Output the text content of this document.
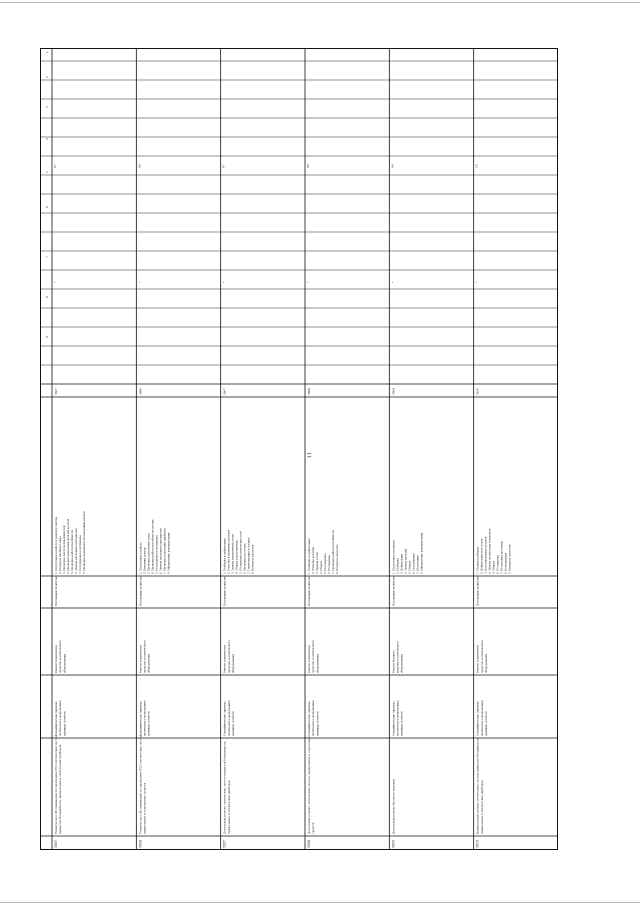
11
5807
Техническое обслуживание по программе ТО3 оптических систем прицелов боеприпасов, прицельных и оптических приборов
Специфические (приемы оптического вооружения) единицы (отчётов
Ремонт техническое средство и оптического оборудования
Поставщик хозяйство
1. Подготовка к работе и ремонту систем 2. Контроль внешнего вида 3. Проверка чистоты поверхностей 4. Проверка крепления деталей и узлов 5. Проверка работоспособности 6. Замена расходных материалов 7. Регулировка и юстировка 8. Проверка правильности показаний оптики
5807
07
•
5806
Техническое обслуживание по программе ТО3 оптических систем, прицельных и стрелковых средств
Специфические (приемы оптического вооружения) единицы (отчётов
Ремонт техническое средство и оптического оборудования
Поставщик хозяйство
1. Подготовка к работе 2. Внешний осмотр 3. Проверка крепления узлов 4. Проверка работоспособности систем 5. Регулировка и юстировка 6. Замена расходных материалов 7. Проверка показаний приборов 8. Оформление документации
5806
06
•
5807
Детальный ремонт оптических систем прицелов боеприпасов, прицельных и оптических приборов
Специфические (приемы оптического вооружения) единицы (отчётов
Ремонт техническое средство и оптического оборудования
Поставщик хозяйство
1. Разборка и дефектация 2. Очистка и промывка деталей 3. Замена изношенных узлов 4. Сборка и регулировка 5. Юстировка оптических осей 6. Проверка на стенде 7. Герметизация и осушка 8. Контроль качества
5807
07
•
5808
Детальный ремонт оптических систем, прицельных и стрелковых средств
Специфические (приемы оптического вооружения) единицы (отчётов
Ремонт техническое средство и оптического оборудования
Поставщик хозяйство
1. Разборка и дефектация 2. Очистка деталей 3. Замена узлов 4. Сборка 5. Регулировка 6. Юстировка 7. Проверка работоспособности 8. Контроль качества
5808
08
•
5809
Детальный ремонт базового изделия
Специфические (приемы оптического вооружения) единицы (отчётов
Ремонт базового изделия и оптического оборудования
Поставщик хозяйство
1. Подготовка к ремонту 2. Разборка 3. Дефектация 4. Замена деталей 5. Сборка 6. Регулировка 7. Испытания 8. Оформление документации
5809
09
•
5810
Капитальный ремонт оптических систем прицелов боеприпасов, прицельных и оптических приборов
Специфические (приемы оптического вооружения) единицы (отчётов
Ремонт техническое средство и оптического оборудования
Поставщик хозяйство
1. Полная разборка 2. Дефектация всех узлов 3. Восстановление деталей 4. Замена оптических элементов 5. Сборка 6. Юстировка 7. Испытания на стенде 8. Консервация 9. Контроль качества
5810
10
•
1
2
3
4
5
6
7
8
9
